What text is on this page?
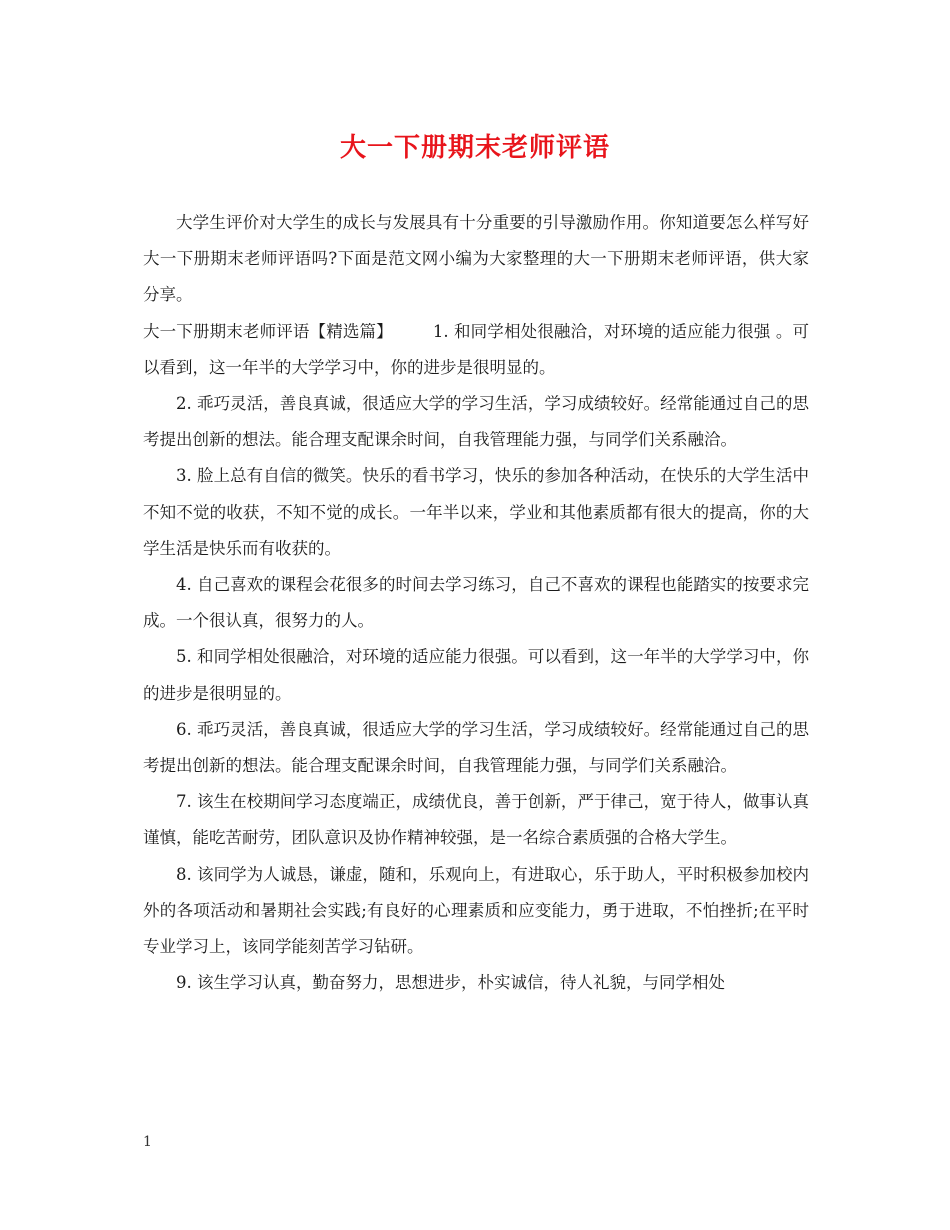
大一下册期末老师评语

大学生评价对大学生的成长与发展具有十分重要的引导激励作用。你知道要怎么样写好大一下册期末老师评语吗?下面是范文网小编为大家整理的大一下册期末老师评语，供大家分享。

大一下册期末老师评语【精选篇】 1. 和同学相处很融洽，对环境的适应能力很强 。可以看到，这一年半的大学学习中，你的进步是很明显的。

2. 乖巧灵活，善良真诚，很适应大学的学习生活，学习成绩较好。经常能通过自己的思考提出创新的想法。能合理支配课余时间，自我管理能力强，与同学们关系融洽。

3. 脸上总有自信的微笑。快乐的看书学习，快乐的参加各种活动，在快乐的大学生活中不知不觉的收获，不知不觉的成长。一年半以来，学业和其他素质都有很大的提高，你的大学生活是快乐而有收获的。

4. 自己喜欢的课程会花很多的时间去学习练习，自己不喜欢的课程也能踏实的按要求完成。一个很认真，很努力的人。

5. 和同学相处很融洽，对环境的适应能力很强。可以看到，这一年半的大学学习中，你的进步是很明显的。

6. 乖巧灵活，善良真诚，很适应大学的学习生活，学习成绩较好。经常能通过自己的思考提出创新的想法。能合理支配课余时间，自我管理能力强，与同学们关系融洽。

7. 该生在校期间学习态度端正，成绩优良，善于创新，严于律己，宽于待人，做事认真谨慎，能吃苦耐劳，团队意识及协作精神较强，是一名综合素质强的合格大学生。

8. 该同学为人诚恳，谦虚，随和，乐观向上，有进取心，乐于助人，平时积极参加校内外的各项活动和暑期社会实践;有良好的心理素质和应变能力，勇于进取，不怕挫折;在平时专业学习上，该同学能刻苦学习钻研。

9. 该生学习认真，勤奋努力，思想进步，朴实诚信，待人礼貌，与同学相处

1
